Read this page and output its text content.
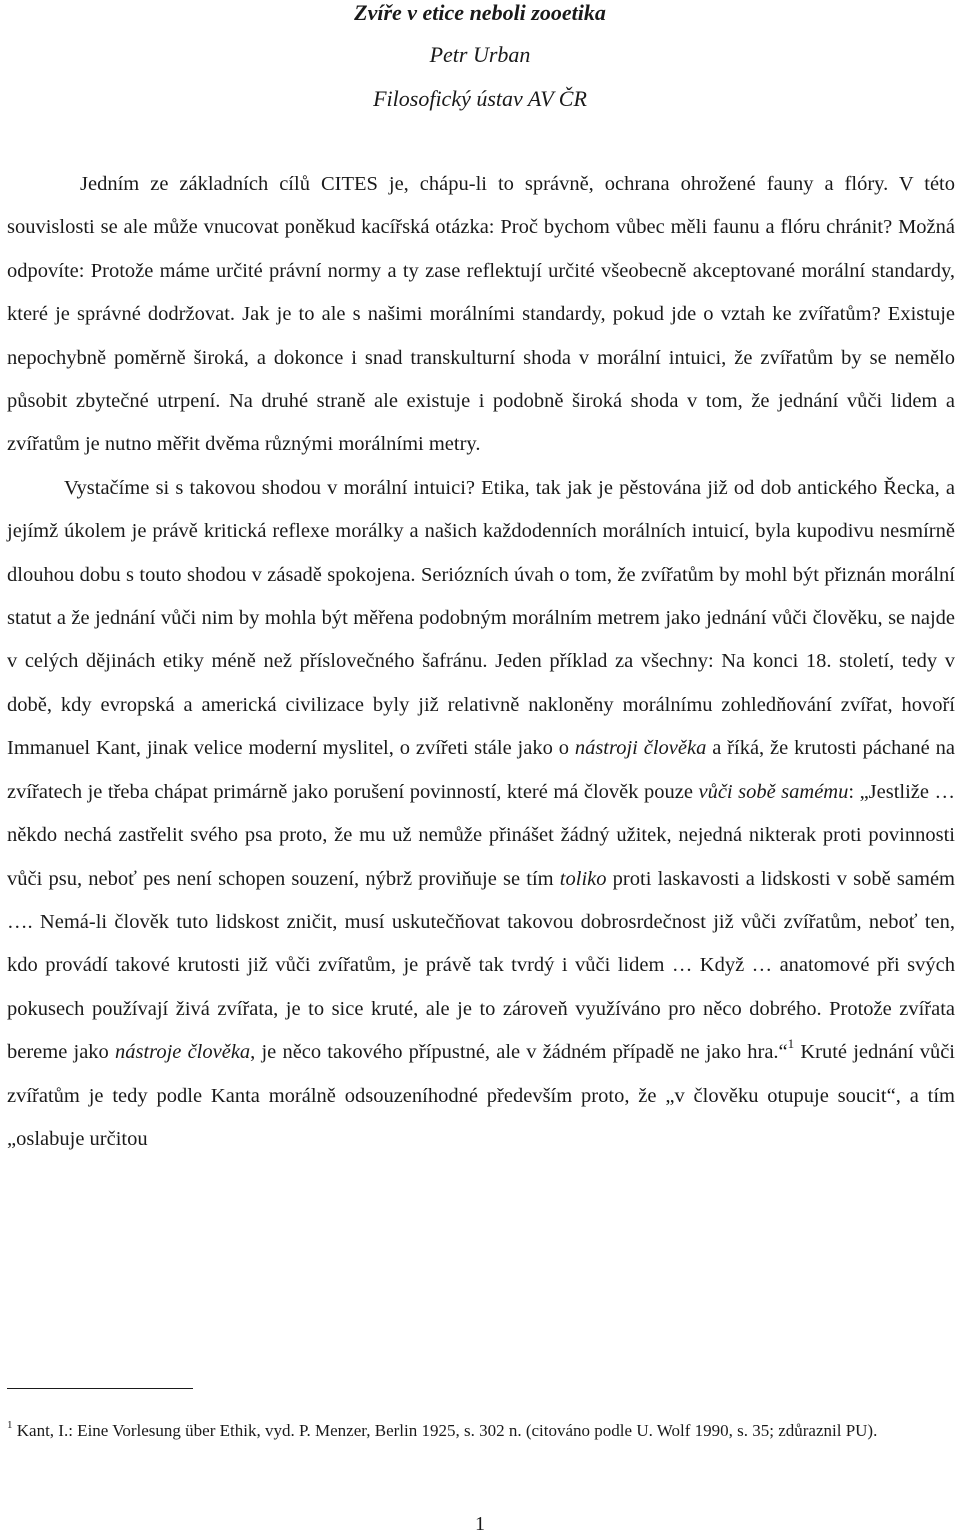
Zvíře v etice neboli zooetika
Petr Urban
Filosofický ústav AV ČR

Jedním ze základních cílů CITES je, chápu-li to správně, ochrana ohrožené fauny a flóry. V této souvislosti se ale může vnucovat poněkud kacířská otázka: Proč bychom vůbec měli faunu a flóru chránit? Možná odpovíte: Protože máme určité právní normy a ty zase reflektují určité všeobecně akceptované morální standardy, které je správné dodržovat. Jak je to ale s našimi morálními standardy, pokud jde o vztah ke zvířatům? Existuje nepochybně poměrně široká, a dokonce i snad transkulturní shoda v morální intuici, že zvířatům by se nemělo působit zbytečné utrpení. Na druhé straně ale existuje i podobně široká shoda v tom, že jednání vůči lidem a zvířatům je nutno měřit dvěma různými morálními metry.

Vystačíme si s takovou shodou v morální intuici? Etika, tak jak je pěstována již od dob antického Řecka, a jejímž úkolem je právě kritická reflexe morálky a našich každodenních morálních intuicí, byla kupodivu nesmírně dlouhou dobu s touto shodou v zásadě spokojena. Seriózních úvah o tom, že zvířatům by mohl být přiznán morální statut a že jednání vůči nim by mohla být měřena podobným morálním metrem jako jednání vůči člověku, se najde v celých dějinách etiky méně než příslovečného šafránu. Jeden příklad za všechny: Na konci 18. století, tedy v době, kdy evropská a americká civilizace byly již relativně nakloněny morálnímu zohledňování zvířat, hovoří Immanuel Kant, jinak velice moderní myslitel, o zvířeti stále jako o nástroji člověka a říká, že krutosti páchané na zvířatech je třeba chápat primárně jako porušení povinností, které má člověk pouze vůči sobě samému: „Jestliže … někdo nechá zastřelit svého psa proto, že mu už nemůže přinášet žádný užitek, nejedná nikterak proti povinnosti vůči psu, neboť pes není schopen souzení, nýbrž proviňuje se tím toliko proti laskavosti a lidskosti v sobě samém …. Nemá-li člověk tuto lidskost zničit, musí uskutečňovat takovou dobrosrdečnost již vůči zvířatům, neboť ten, kdo provádí takové krutosti již vůči zvířatům, je právě tak tvrdý i vůči lidem … Když … anatomové při svých pokusech používají živá zvířata, je to sice kruté, ale je to zároveň využíváno pro něco dobrého. Protože zvířata bereme jako nástroje člověka, je něco takového přípustné, ale v žádném případě ne jako hra.“$^1$ Kruté jednání vůči zvířatům je tedy podle Kanta morálně odsouzeníhodné především proto, že „v člověku otupuje soucit“, a tím „oslabuje určitou

$^1$ Kant, I.: Eine Vorlesung über Ethik, vyd. P. Menzer, Berlin 1925, s. 302 n. (citováno podle U. Wolf 1990, s. 35; zdůraznil PU).
1
